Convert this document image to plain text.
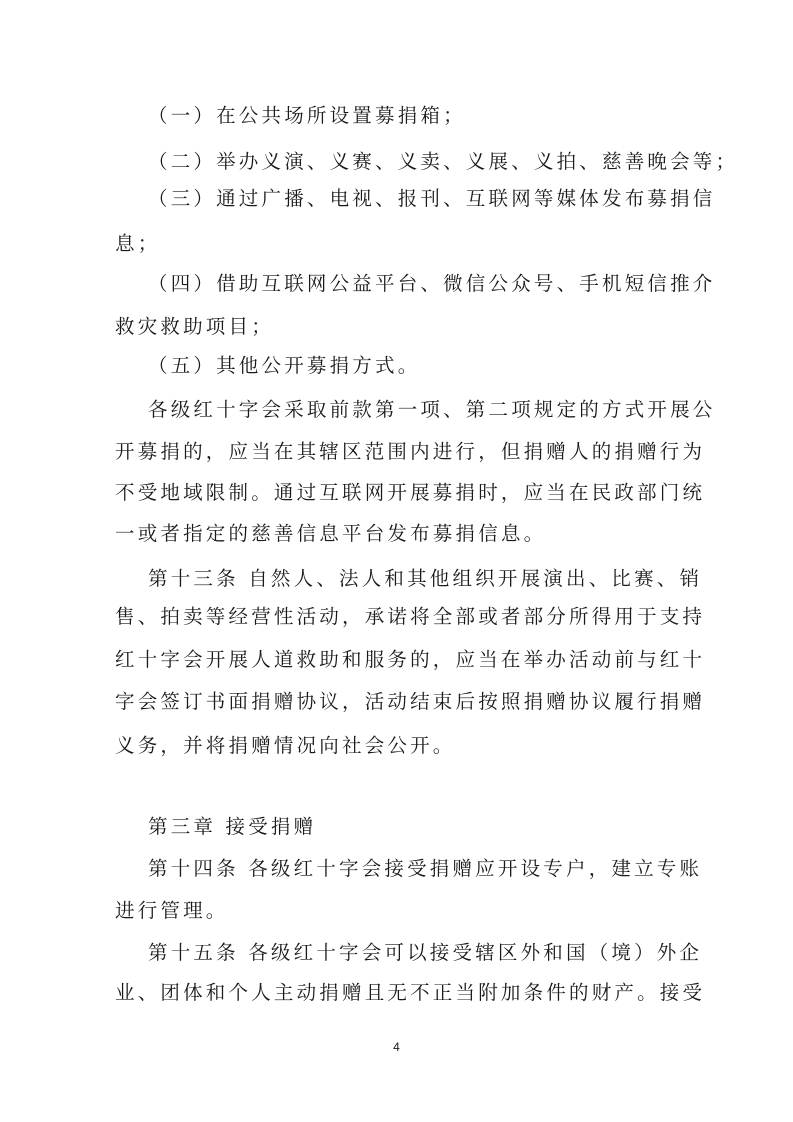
（一）在公共场所设置募捐箱；
（二）举办义演、义赛、义卖、义展、义拍、慈善晚会等；
（三）通过广播、电视、报刊、互联网等媒体发布募捐信
息；
（四）借助互联网公益平台、微信公众号、手机短信推介
救灾救助项目；
（五）其他公开募捐方式。
各级红十字会采取前款第一项、第二项规定的方式开展公
开募捐的，应当在其辖区范围内进行，但捐赠人的捐赠行为
不受地域限制。通过互联网开展募捐时，应当在民政部门统
一或者指定的慈善信息平台发布募捐信息。
第十三条 自然人、法人和其他组织开展演出、比赛、销
售、拍卖等经营性活动，承诺将全部或者部分所得用于支持
红十字会开展人道救助和服务的，应当在举办活动前与红十
字会签订书面捐赠协议，活动结束后按照捐赠协议履行捐赠
义务，并将捐赠情况向社会公开。
第三章 接受捐赠
第十四条 各级红十字会接受捐赠应开设专户，建立专账
进行管理。
第十五条 各级红十字会可以接受辖区外和国（境）外企
业、团体和个人主动捐赠且无不正当附加条件的财产。接受
4
